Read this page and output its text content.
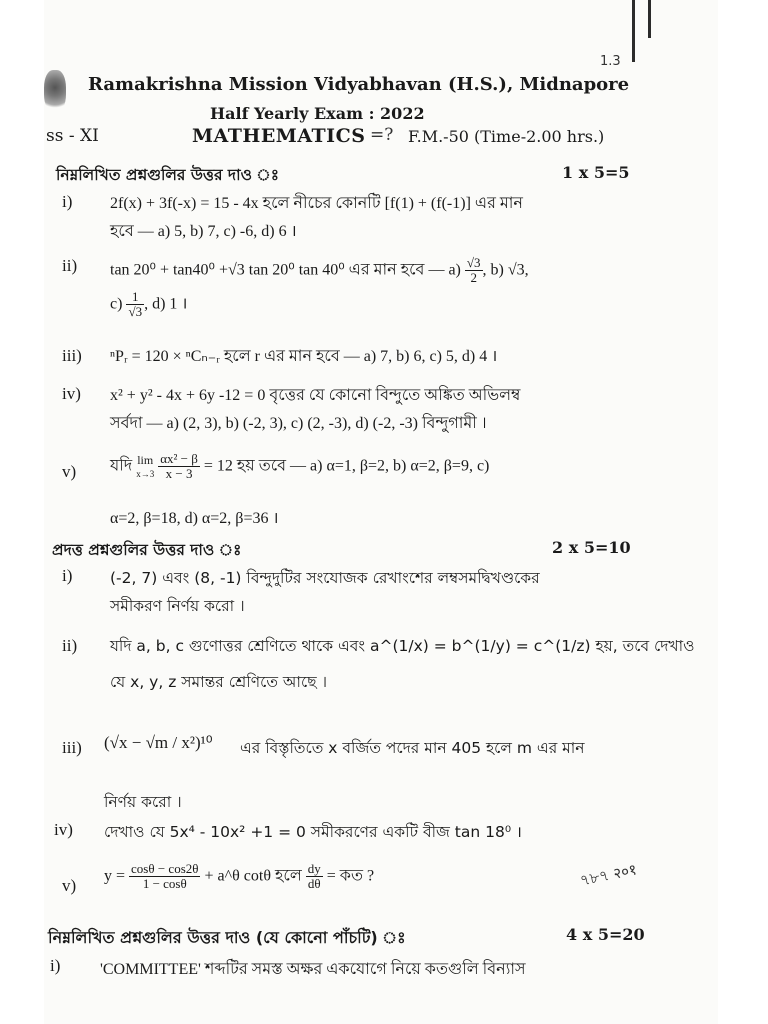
Ramakrishna Mission Vidyabhavan (H.S.), Midnapore
1.3
Half Yearly Exam : 2022
ss - XI	MATHEMATICS =? F.M.-50 (Time-2.00 hrs.)
নিম্নলিখিত প্রশ্নগুলির উত্তর দাও ঃ	1 x 5=5
i) 2f(x) + 3f(-x) = 15 - 4x হলে নীচের কোনটি [f(1) + (f(-1)] এর মান
হবে — a) 5, b) 7, c) -6, d) 6 ।
ii) tan 20⁰ + tan40⁰ +√3 tan 20⁰ tan 40⁰ এর মান হবে — $a) \frac{√3}{2}$ , b) √3,
$c) \frac{1}{√3}$ , d) 1 ।
iii) ⁿPᵣ = 120 × ⁿCₙ₋ᵣ হলে r এর মান হবে — a) 7, b) 6, c) 5, d) 4 ।
iv) x² + y² - 4x + 6y -12 = 0 বৃত্তের যে কোনো বিন্দুতে অঙ্কিত অভিলম্ব
সর্বদা — a) (2, 3), b) (-2, 3), c) (2, -3), d) (-2, -3) বিন্দুগামী ।
v) যদি lim
$x\to 3 \frac{\text{αx² − β}}{x - 3} = 12$ হয় তবে — a) α=1, β=2, b) α=2, β=9, c)
α=2, β=18, d) α=2, β=36 ।
প্রদত্ত প্রশ্নগুলির উত্তর দাও ঃ	2 x 5=10
i) (-2, 7) এবং (8, -1) বিন্দুদুটির সংযোজক রেখাংশের লম্বসমদ্বিখণ্ডকের
সমীকরণ নির্ণয় করো ।
ii) যদি a, b, c গুণোত্তর শ্রেণিতে থাকে এবং a^(1/x) = b^(1/y) = c^(1/z) হয়, তবে দেখাও
যে x, y, z সমান্তর শ্রেণিতে আছে ।
iii) (√x − √m / x²)¹⁰ এর বিস্তৃতিতে x বর্জিত পদের মান 405 হলে m এর মান
নির্ণয় করো ।
iv) দেখাও যে 5x⁴ - 10x² +1 = 0 সমীকরণের একটি বীজ tan 18⁰ ।
v)
$y = \frac{\cos\theta - \cos 2\theta}{1 - \cos\theta}$ + a^θ cotθ হলে $\frac{dy}{d\theta}$ = কত ?	৭৮৭ २०१
নিম্নলিখিত প্রশ্নগুলির উত্তর দাও (যে কোনো পাঁচটি) ঃ	4 x 5=20
i) 'COMMITTEE' শব্দটির সমস্ত অক্ষর একযোগে নিয়ে কতগুলি বিন্যাস
